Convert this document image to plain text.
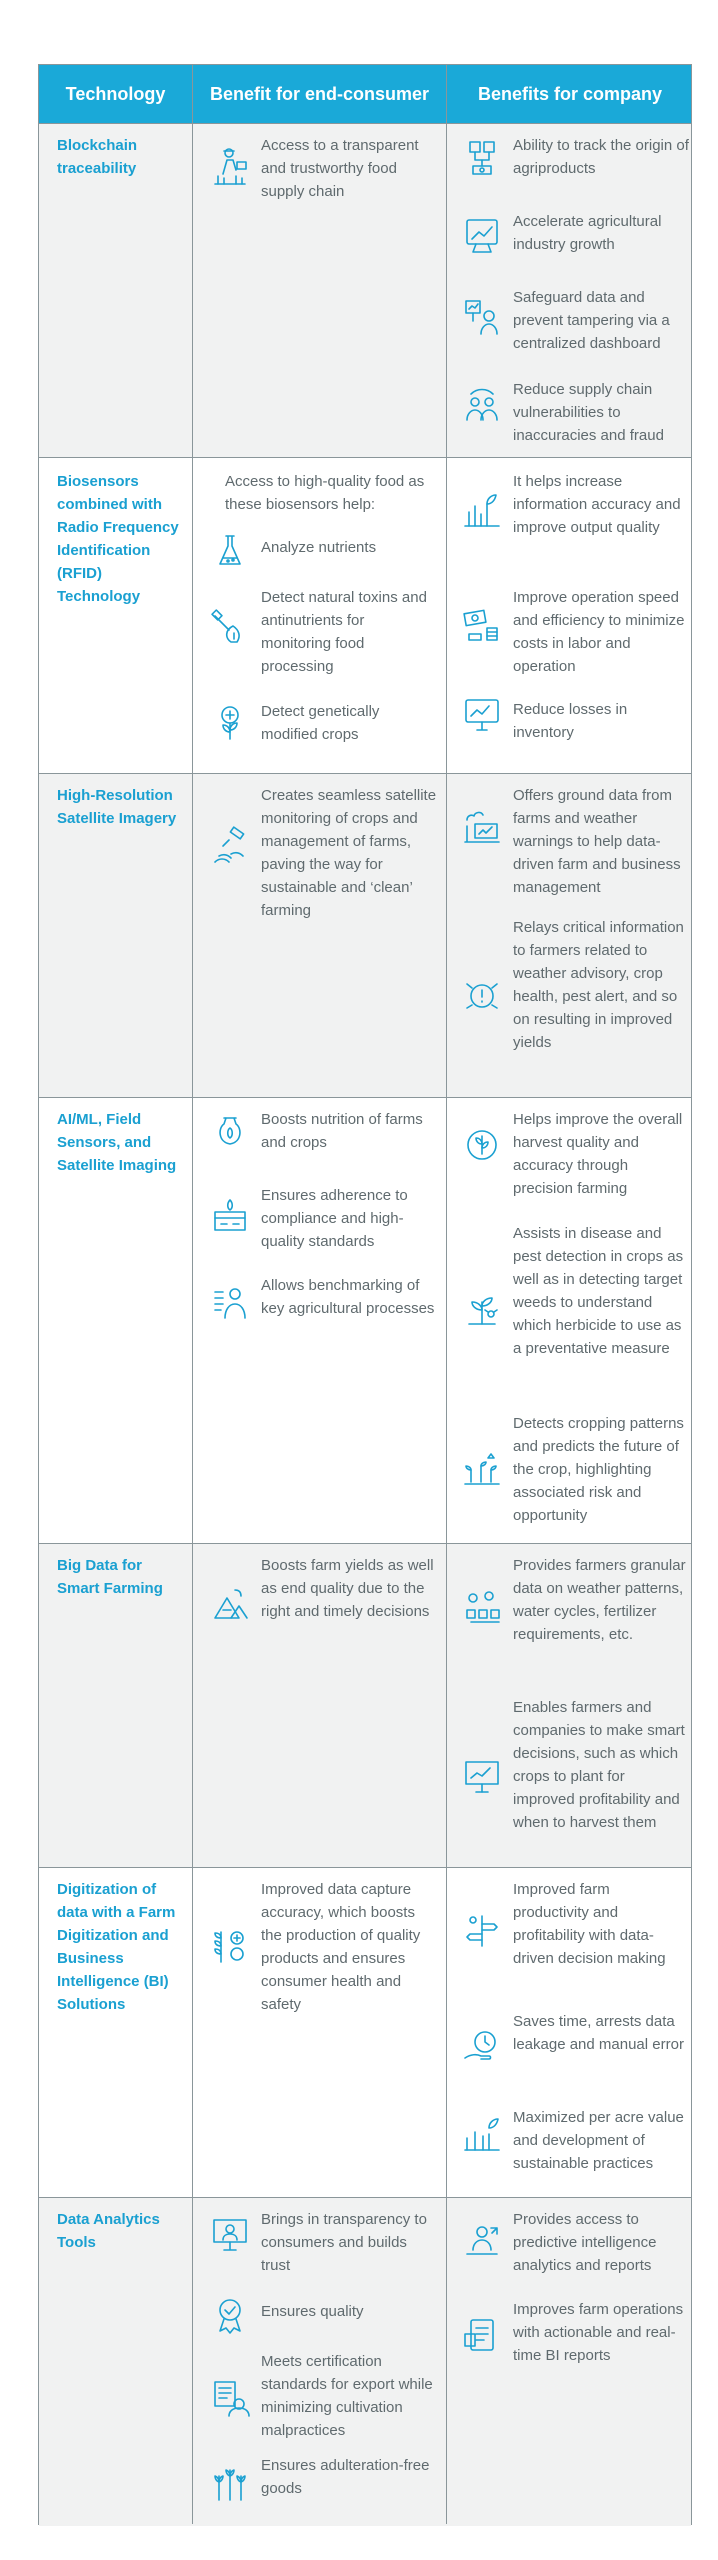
Technology	Benefit for end-consumer	Benefits for company
Blockchain traceability
Access to a transparent and trustworthy food supply chain
Ability to track the origin of agriproducts
Accelerate agricultural industry growth
Safeguard data and prevent tampering via a centralized dashboard
Reduce supply chain vulnerabilities to inaccuracies and fraud
Biosensors combined with Radio Frequency Identification (RFID) Technology
Access to high-quality food as these biosensors help:
Analyze nutrients
Detect natural toxins and antinutrients for monitoring food processing
Detect genetically modified crops
It helps increase information accuracy and improve output quality
Improve operation speed and efficiency to minimize costs in labor and operation
Reduce losses in inventory
High-Resolution Satellite Imagery
Creates seamless satellite monitoring of crops and management of farms, paving the way for sustainable and ‘clean’ farming
Offers ground data from farms and weather warnings to help data-driven farm and business management
Relays critical information to farmers related to weather advisory, crop health, pest alert, and so on resulting in improved yields
AI/ML, Field Sensors, and Satellite Imaging
Boosts nutrition of farms and crops
Ensures adherence to compliance and high-quality standards
Allows benchmarking of key agricultural processes
Helps improve the overall harvest quality and accuracy through precision farming
Assists in disease and pest detection in crops as well as in detecting target weeds to understand which herbicide to use as a preventative measure
Detects cropping patterns and predicts the future of the crop, highlighting associated risk and opportunity
Big Data for Smart Farming
Boosts farm yields as well as end quality due to the right and timely decisions
Provides farmers granular data on weather patterns, water cycles, fertilizer requirements, etc.
Enables farmers and companies to make smart decisions, such as which crops to plant for improved profitability and when to harvest them
Digitization of data with a Farm Digitization and Business Intelligence (BI) Solutions
Improved data capture accuracy, which boosts the production of quality products and ensures consumer health and safety
Improved farm productivity and profitability with data-driven decision making
Saves time, arrests data leakage and manual error
Maximized per acre value and development of sustainable practices
Data Analytics Tools
Brings in transparency to consumers and builds trust
Ensures quality
Meets certification standards for export while minimizing cultivation malpractices
Ensures adulteration-free goods
Provides access to predictive intelligence analytics and reports
Improves farm operations with actionable and real-time BI reports
